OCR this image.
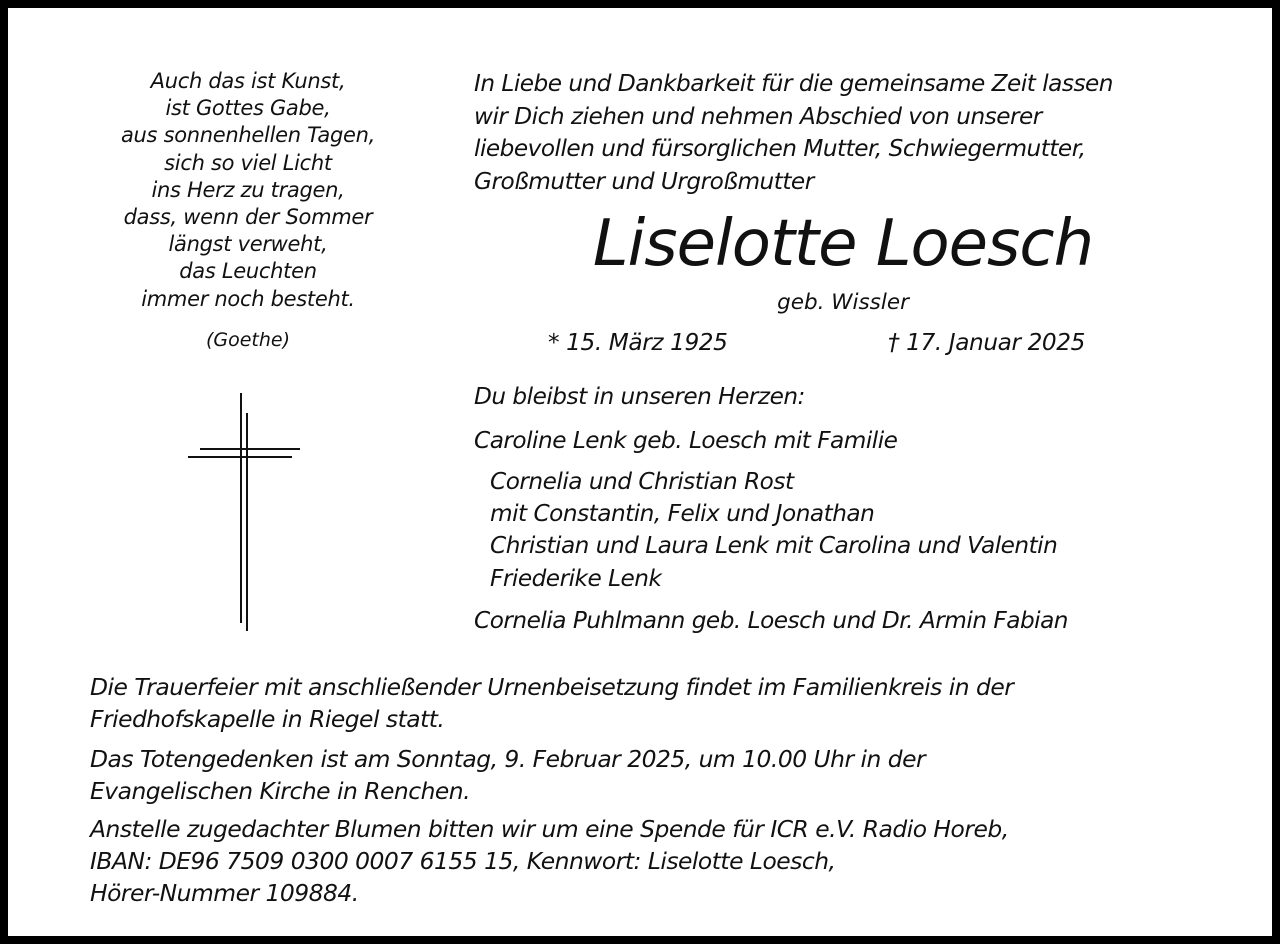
Auch das ist Kunst,
ist Gottes Gabe,
aus sonnenhellen Tagen,
sich so viel Licht
ins Herz zu tragen,
dass, wenn der Sommer
längst verweht,
das Leuchten
immer noch besteht.
(Goethe)
In Liebe und Dankbarkeit für die gemeinsame Zeit lassen
wir Dich ziehen und nehmen Abschied von unserer
liebevollen und fürsorglichen Mutter, Schwiegermutter,
Großmutter und Urgroßmutter
Liselotte Loesch
geb. Wissler
* 15. März 1925	† 17. Januar 2025
Du bleibst in unseren Herzen:
Caroline Lenk geb. Loesch mit Familie
Cornelia und Christian Rost
mit Constantin, Felix und Jonathan
Christian und Laura Lenk mit Carolina und Valentin
Friederike Lenk
Cornelia Puhlmann geb. Loesch und Dr. Armin Fabian
Die Trauerfeier mit anschließender Urnenbeisetzung findet im Familienkreis in der
Friedhofskapelle in Riegel statt.
Das Totengedenken ist am Sonntag, 9. Februar 2025, um 10.00 Uhr in der
Evangelischen Kirche in Renchen.
Anstelle zugedachter Blumen bitten wir um eine Spende für ICR e.V. Radio Horeb,
IBAN: DE96 7509 0300 0007 6155 15, Kennwort: Liselotte Loesch,
Hörer-Nummer 109884.
